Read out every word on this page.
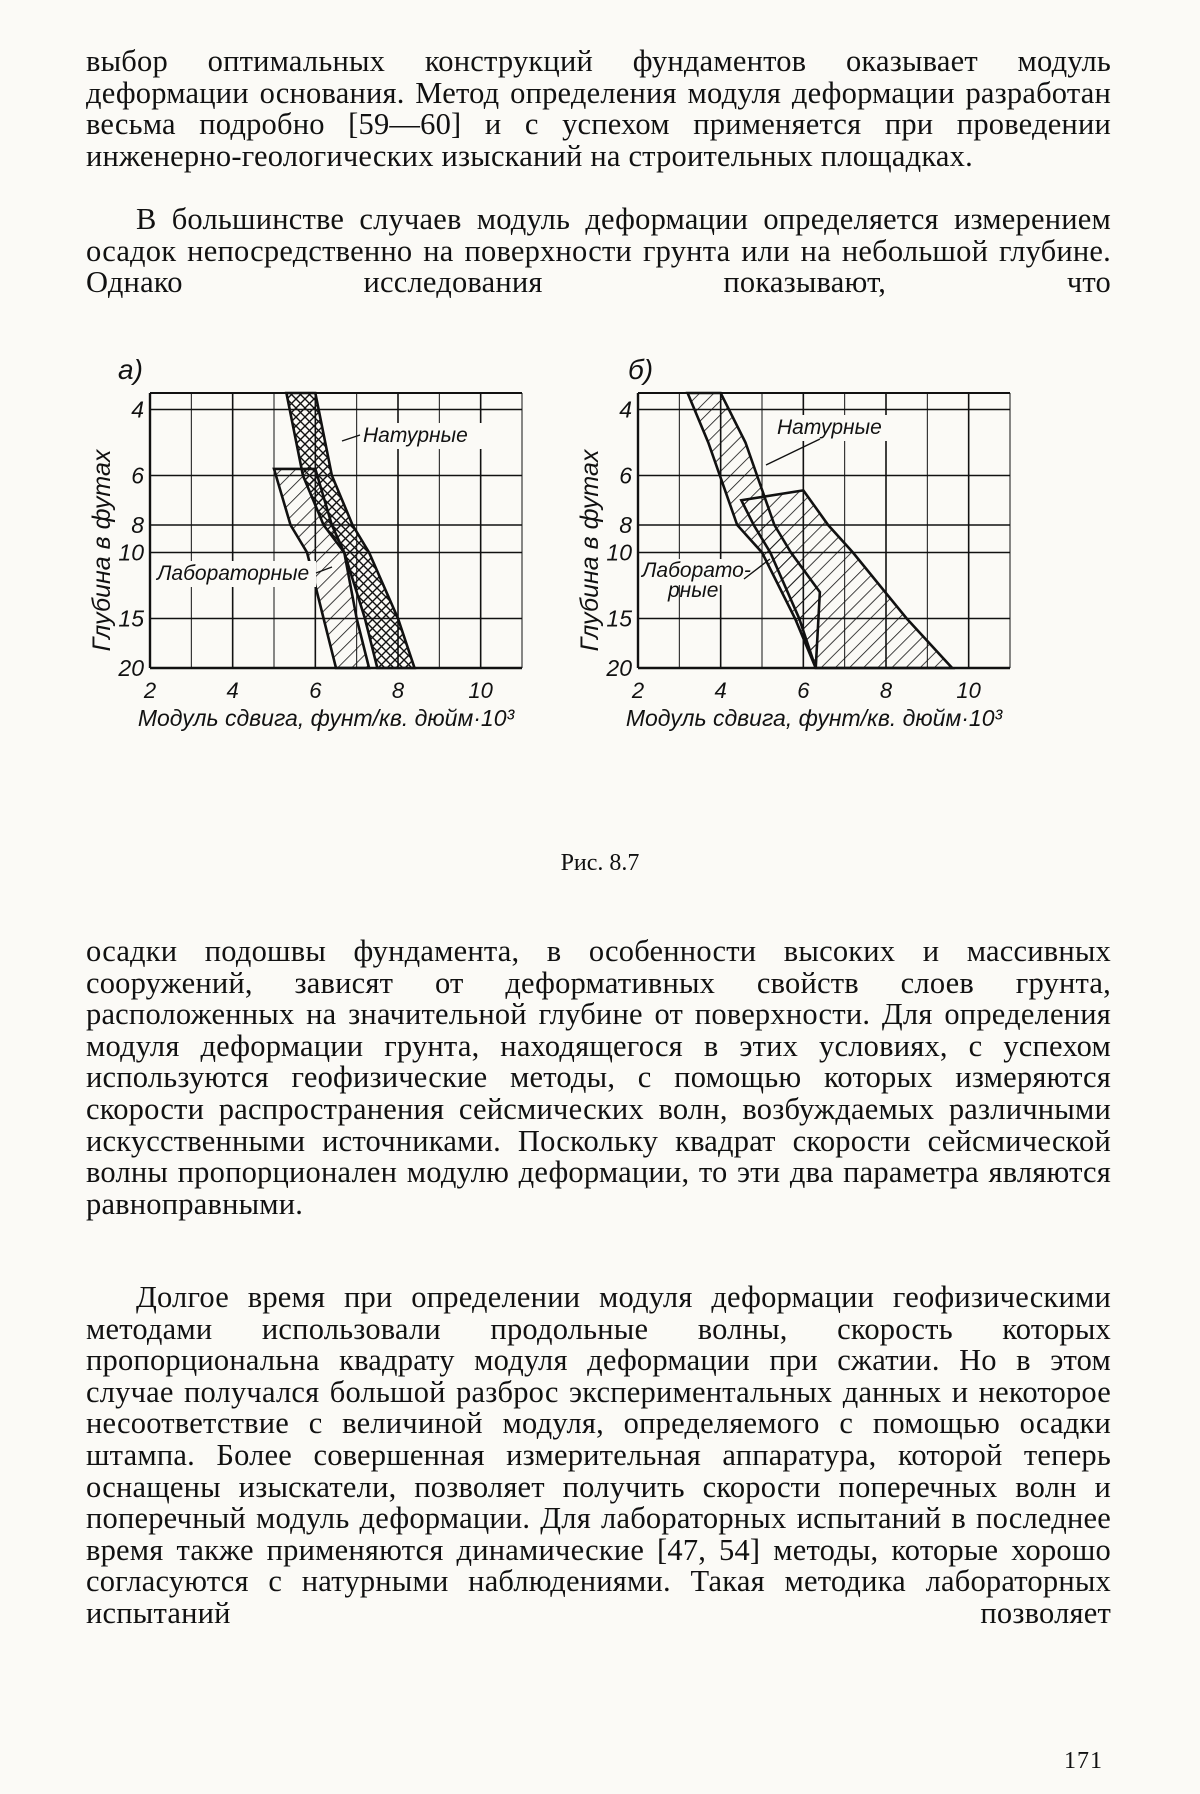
выбор оптимальных конструкций фундаментов оказывает модуль деформации основания. Метод определения модуля деформации разработан весьма подробно [59—60] и с успехом применяется при проведении инженерно-геологических изысканий на строительных площадках.

В большинстве случаев модуль деформации определяется измерением осадок непосредственно на поверхности грунта или на небольшой глубине. Однако исследования показывают, что

2	4	6	8	10
4
6
8
10
15
20
а)
Модуль сдвига, фунт/кв. дюйм·10³
Глубина в футах
Натурные
Лабораторные
2	4	6	8	10
4
6
8
10
15
20
б)
Модуль сдвига, фунт/кв. дюйм·10³
Глубина в футах
Натурные
Лаборато-рные
Рис. 8.7

осадки подошвы фундамента, в особенности высоких и массивных сооружений, зависят от деформативных свойств слоев грунта, расположенных на значительной глубине от поверхности. Для определения модуля деформации грунта, находящегося в этих условиях, с успехом используются геофизические методы, с помощью которых измеряются скорости распространения сейсмических волн, возбуждаемых различными искусственными источниками. Поскольку квадрат скорости сейсмической волны пропорционален модулю деформации, то эти два параметра являются равноправными.

Долгое время при определении модуля деформации геофизическими методами использовали продольные волны, скорость которых пропорциональна квадрату модуля деформации при сжатии. Но в этом случае получался большой разброс экспериментальных данных и некоторое несоответствие с величиной модуля, определяемого с помощью осадки штампа. Более совершенная измерительная аппаратура, которой теперь оснащены изыскатели, позволяет получить скорости поперечных волн и поперечный модуль деформации. Для лабораторных испытаний в последнее время также применяются динамические [47, 54] методы, которые хорошо согласуются с натурными наблюдениями. Такая методика лабораторных испытаний позволяет

171
